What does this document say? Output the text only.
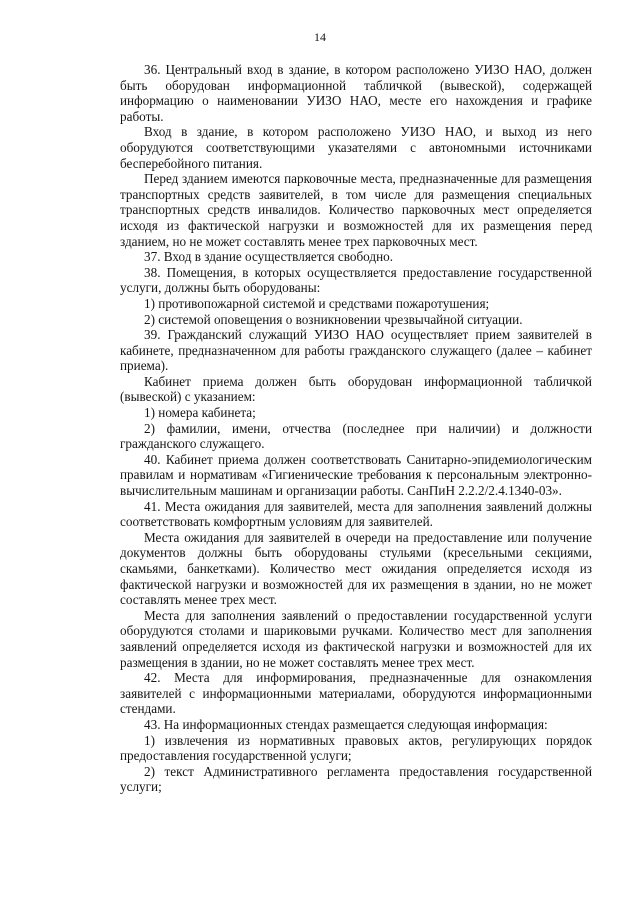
14

36. Центральный вход в здание, в котором расположено УИЗО НАО, должен быть оборудован информационной табличкой (вывеской), содержащей информацию о наименовании УИЗО НАО, месте его нахождения и графике работы.

Вход в здание, в котором расположено УИЗО НАО, и выход из него оборудуются соответствующими указателями с автономными источниками бесперебойного питания.

Перед зданием имеются парковочные места, предназначенные для размещения транспортных средств заявителей, в том числе для размещения специальных транспортных средств инвалидов. Количество парковочных мест определяется исходя из фактической нагрузки и возможностей для их размещения перед зданием, но не может составлять менее трех парковочных мест.

37. Вход в здание осуществляется свободно.

38. Помещения, в которых осуществляется предоставление государственной услуги, должны быть оборудованы:

1) противопожарной системой и средствами пожаротушения;

2) системой оповещения о возникновении чрезвычайной ситуации.

39. Гражданский служащий УИЗО НАО осуществляет прием заявителей в кабинете, предназначенном для работы гражданского служащего (далее – кабинет приема).

Кабинет приема должен быть оборудован информационной табличкой (вывеской) с указанием:

1) номера кабинета;

2) фамилии, имени, отчества (последнее при наличии) и должности гражданского служащего.

40. Кабинет приема должен соответствовать Санитарно-эпидемиологическим правилам и нормативам «Гигиенические требования к персональным электронно-вычислительным машинам и организации работы. СанПиН 2.2.2/2.4.1340-03».

41. Места ожидания для заявителей, места для заполнения заявлений должны соответствовать комфортным условиям для заявителей.

Места ожидания для заявителей в очереди на предоставление или получение документов должны быть оборудованы стульями (кресельными секциями, скамьями, банкетками). Количество мест ожидания определяется исходя из фактической нагрузки и возможностей для их размещения в здании, но не может составлять менее трех мест.

Места для заполнения заявлений о предоставлении государственной услуги оборудуются столами и шариковыми ручками. Количество мест для заполнения заявлений определяется исходя из фактической нагрузки и возможностей для их размещения в здании, но не может составлять менее трех мест.

42. Места для информирования, предназначенные для ознакомления заявителей с информационными материалами, оборудуются информационными стендами.

43. На информационных стендах размещается следующая информация:

1) извлечения из нормативных правовых актов, регулирующих порядок предоставления государственной услуги;

2) текст Административного регламента предоставления государственной услуги;
